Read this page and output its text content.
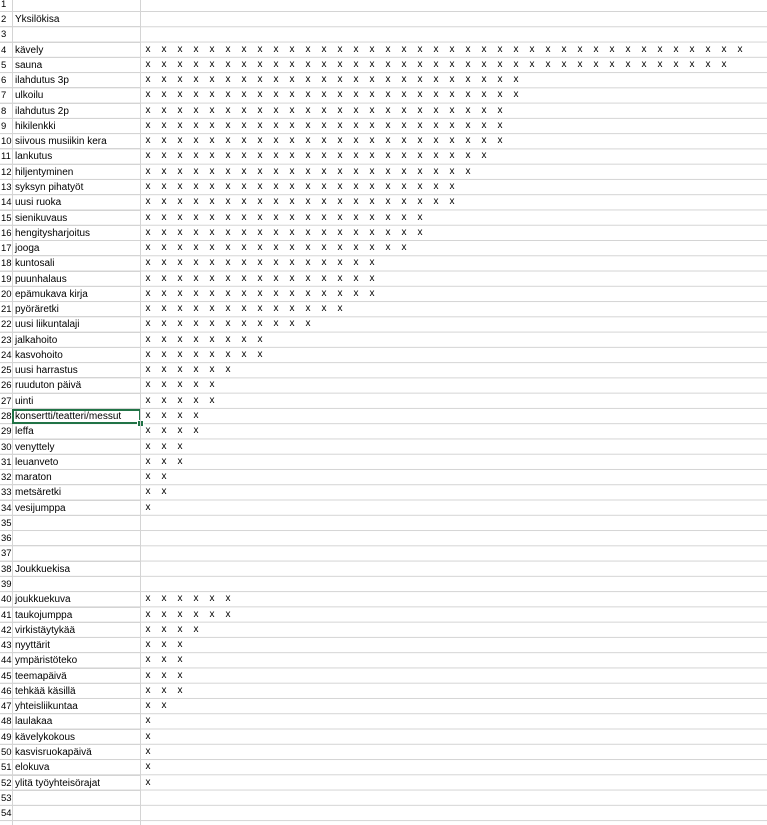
1
2 Yksilökisa
3
4 kävely	x	x	x	x	x	x	x	x	x	x	x	x	x	x	x	x	x	x	x	x	x	x	x	x	x	x	x	x	x	x	x	x	x	x	x	x	x	x
5 sauna	x	x	x	x	x	x	x	x	x	x	x	x	x	x	x	x	x	x	x	x	x	x	x	x	x	x	x	x	x	x	x	x	x	x	x	x	x
6 ilahdutus 3p	x	x	x	x	x	x	x	x	x	x	x	x	x	x	x	x	x	x	x	x	x	x	x	x
7 ulkoilu	x	x	x	x	x	x	x	x	x	x	x	x	x	x	x	x	x	x	x	x	x	x	x	x
8 ilahdutus 2p	x	x	x	x	x	x	x	x	x	x	x	x	x	x	x	x	x	x	x	x	x	x	x
9 hikilenkki	x	x	x	x	x	x	x	x	x	x	x	x	x	x	x	x	x	x	x	x	x	x	x
10 siivous musiikin kera	x	x	x	x	x	x	x	x	x	x	x	x	x	x	x	x	x	x	x	x	x	x	x
11 lankutus	x	x	x	x	x	x	x	x	x	x	x	x	x	x	x	x	x	x	x	x	x	x
12 hiljentyminen	x	x	x	x	x	x	x	x	x	x	x	x	x	x	x	x	x	x	x	x	x
13 syksyn pihatyöt	x	x	x	x	x	x	x	x	x	x	x	x	x	x	x	x	x	x	x	x
14 uusi ruoka	x	x	x	x	x	x	x	x	x	x	x	x	x	x	x	x	x	x	x	x
15 sienikuvaus	x	x	x	x	x	x	x	x	x	x	x	x	x	x	x	x	x	x
16 hengitysharjoitus	x	x	x	x	x	x	x	x	x	x	x	x	x	x	x	x	x	x
17 jooga	x	x	x	x	x	x	x	x	x	x	x	x	x	x	x	x	x
18 kuntosali	x	x	x	x	x	x	x	x	x	x	x	x	x	x	x
19 puunhalaus	x	x	x	x	x	x	x	x	x	x	x	x	x	x	x
20 epämukava kirja	x	x	x	x	x	x	x	x	x	x	x	x	x	x	x
21 pyöräretki	x	x	x	x	x	x	x	x	x	x	x	x	x
22 uusi liikuntalaji	x	x	x	x	x	x	x	x	x	x	x
23 jalkahoito	x	x	x	x	x	x	x	x
24 kasvohoito	x	x	x	x	x	x	x	x
25 uusi harrastus	x	x	x	x	x	x
26 ruuduton päivä	x	x	x	x	x
27 uinti	x	x	x	x	x
28 konsertti/teatteri/messut	x	x	x	x
29 leffa	x	x	x	x
30 venyttely	x	x	x
31 leuanveto	x	x	x
32 maraton	x	x
33 metsäretki	x	x
34 vesijumppa	x
35
36
37
38 Joukkuekisa
39
40 joukkuekuva	x	x	x	x	x	x
41 taukojumppa	x	x	x	x	x	x
42 virkistäytykää	x	x	x	x
43 nyyttärit	x	x	x
44 ympäristöteko	x	x	x
45 teemapäivä	x	x	x
46 tehkää käsillä	x	x	x
47 yhteisliikuntaa	x	x
48 laulakaa	x
49 kävelykokous	x
50 kasvisruokapäivä	x
51 elokuva	x
52 ylitä työyhteisörajat	x
53
54
